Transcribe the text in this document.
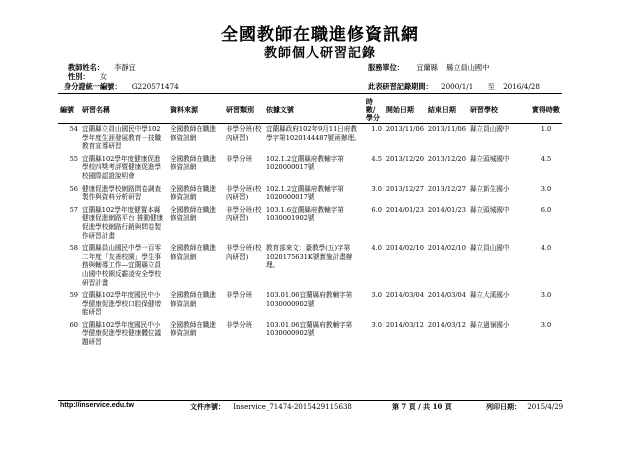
全國教師在職進修資訊網
教師個人研習記錄
教師姓名： 李靜宜	服務單位： 宜蘭縣 縣立員山國中
性別： 女
身分證統一編號： G220571474	此表研習記錄期間： 2000/1/1 至 2016/4/28
編號	研習名稱	資料來源	研習類別	依據文號	時數/學分	開始日期	結束日期	研習學校	實得時數
54	宜蘭縣立員山國民中學102學年度生涯發展教育－技職教育宣導研習	全國教師在職進修資訊網	非學分班(校內研習)	宜蘭縣政府102年9月11日府教學字第1020144487號函辦理。	1.0	2013/11/06	2013/11/06	縣立員山國中	1.0
55	宜蘭縣102學年度健康促進學校四獎考評暨健康促進學校國際認證說明會	全國教師在職進修資訊網	非學分班	102.1.2宜蘭縣府教輔字第1020000017號	4.5	2013/12/20	2013/12/20	縣立頭城國中	4.5
56	健康促進學校網路問卷調查製作與資料分析研習	全國教師在職進修資訊網	非學分班(校內研習)	102.1.2宜蘭縣府教輔字第1020000017號	3.0	2013/12/27	2013/12/27	縣立新生國小	3.0
57	宜蘭縣102學年度健置本縣健康促進網路平台 推動健康促進學校網路行銷與問卷製作研習計畫	全國教師在職進修資訊網	非學分班(校內研習)	103.1.6宜蘭縣府教輔字第1030001902號	6.0	2014/01/23	2014/01/23	縣立頭城國中	6.0
58	宜蘭縣員山國民中學一百零二年度「友善校園」學生事務與輔導工作—宜蘭縣立員山國中校園反霸凌安全學校研習計畫	全國教師在職進修資訊網	非學分班(校內研習)	教育部來文：臺教學(五)字第1020175631K號實施計畫辦理。	4.0	2014/02/10	2014/02/10	縣立員山國中	4.0
59	宜蘭縣102學年度國民中小學健康促進學校口腔保健增能研習	全國教師在職進修資訊網	非學分班	103.01.06宜蘭縣府教輔字第1030000902號	3.0	2014/03/04	2014/03/04	縣立大溪國小	3.0
60	宜蘭縣102學年度國民中小學健康促進學校健康體位議題研習	全國教師在職進修資訊網	非學分班	103.01.06宜蘭縣府教輔字第1030000902號	3.0	2014/03/12	2014/03/12	縣立過嶺國小	3.0
http://inservice.edu.tw	文件序號： Inservice_71474-2015429115638	第 7 頁 / 共 10 頁	列印日期： 2015/4/29
